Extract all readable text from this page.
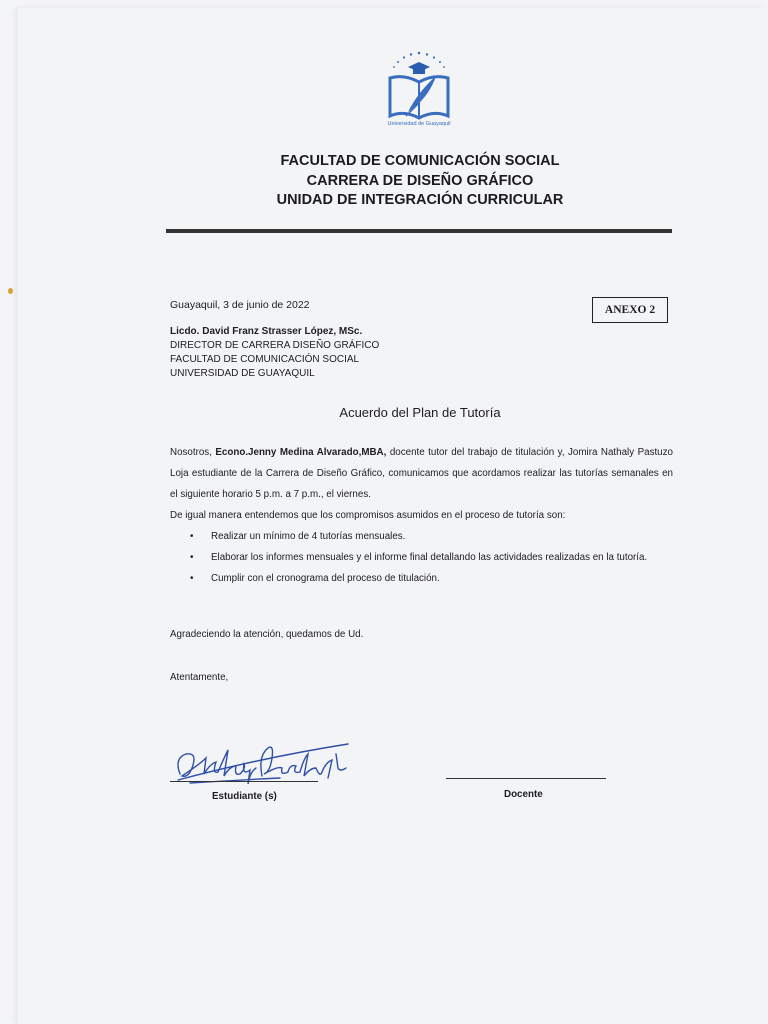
Universidad de Guayaquil
FACULTAD DE COMUNICACIÓN SOCIAL
CARRERA DE DISEÑO GRÁFICO
UNIDAD DE INTEGRACIÓN CURRICULAR
Guayaquil, 3 de junio de 2022	ANEXO 2
Licdo. David Franz Strasser López, MSc.
DIRECTOR DE CARRERA DISEÑO GRÁFICO
FACULTAD DE COMUNICACIÓN SOCIAL
UNIVERSIDAD DE GUAYAQUIL
Acuerdo del Plan de Tutoría

Nosotros, Econo.Jenny Medina Alvarado,MBA, docente tutor del trabajo de titulación y, Jomira Nathaly Pastuzo Loja estudiante de la Carrera de Diseño Gráfico, comunicamos que acordamos realizar las tutorías semanales en el siguiente horario 5 p.m. a 7 p.m., el viernes.

De igual manera entendemos que los compromisos asumidos en el proceso de tutoría son:

• Realizar un mínimo de 4 tutorías mensuales.
• Elaborar los informes mensuales y el informe final detallando las actividades realizadas en la tutoría.
• Cumplir con el cronograma del proceso de titulación.
Agradeciendo la atención, quedamos de Ud.
Atentamente,
Estudiante (s)	Docente
